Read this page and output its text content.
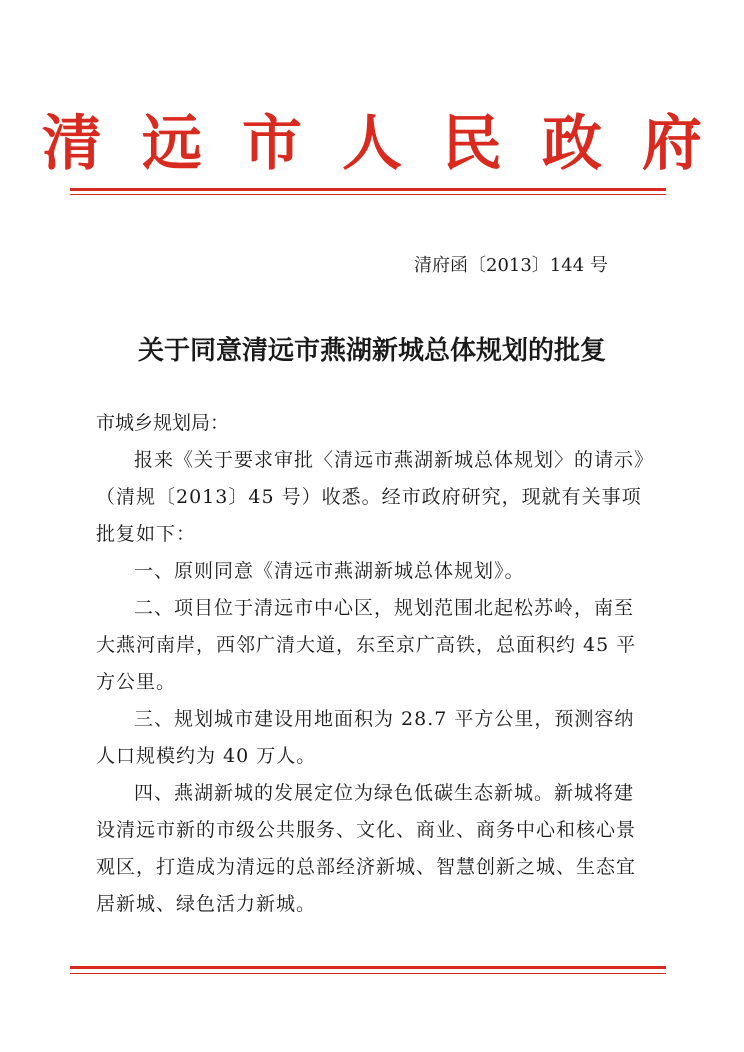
清远市人民政府
清府函〔2013〕144 号
关于同意清远市燕湖新城总体规划的批复
市城乡规划局：

报来《关于要求审批〈清远市燕湖新城总体规划〉的请示》（清规〔2013〕45 号）收悉。经市政府研究，现就有关事项批复如下：

一、原则同意《清远市燕湖新城总体规划》。

二、项目位于清远市中心区，规划范围北起松苏岭，南至大燕河南岸，西邻广清大道，东至京广高铁，总面积约 45 平方公里。

三、规划城市建设用地面积为 28.7 平方公里，预测容纳人口规模约为 40 万人。

四、燕湖新城的发展定位为绿色低碳生态新城。新城将建设清远市新的市级公共服务、文化、商业、商务中心和核心景观区，打造成为清远的总部经济新城、智慧创新之城、生态宜居新城、绿色活力新城。
